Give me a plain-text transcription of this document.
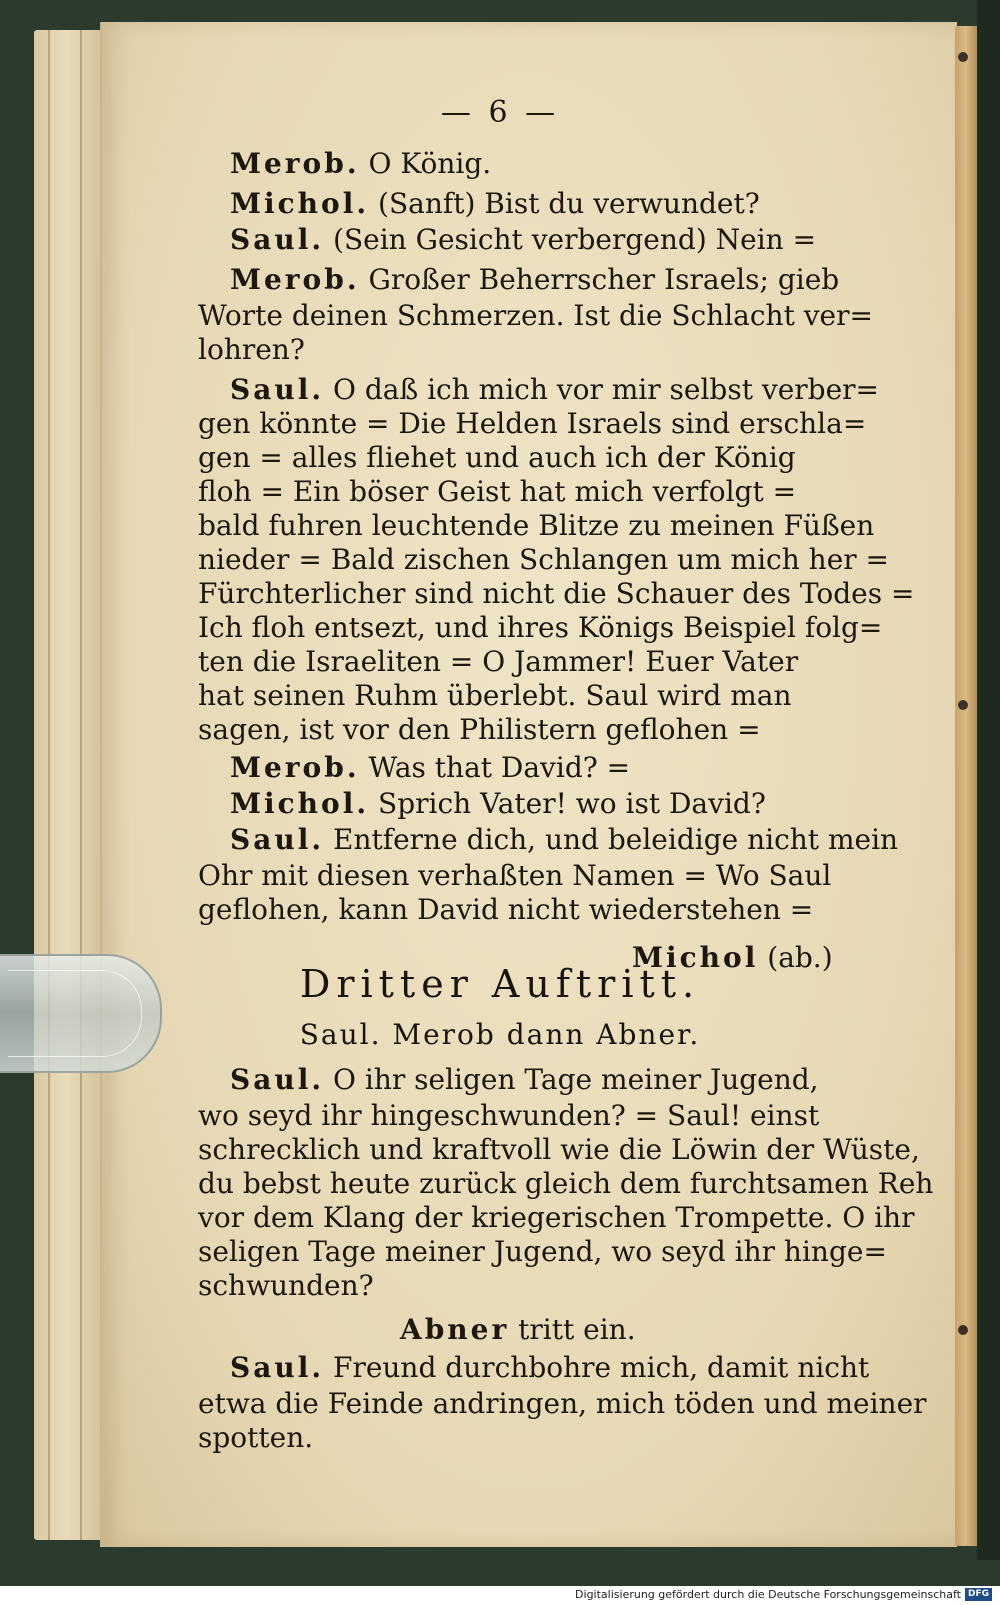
— 6 —
Merob. O König.
Michol. (Sanft) Bist du verwundet?
Saul. (Sein Gesicht verbergend) Nein =
Merob. Großer Beherrscher Israels; gieb
Worte deinen Schmerzen. Ist die Schlacht ver=
lohren?
Saul. O daß ich mich vor mir selbst verber=
gen könnte = Die Helden Israels sind erschla=
gen = alles fliehet und auch ich der König
floh = Ein böser Geist hat mich verfolgt =
bald fuhren leuchtende Blitze zu meinen Füßen
nieder = Bald zischen Schlangen um mich her =
Fürchterlicher sind nicht die Schauer des Todes =
Ich floh entsezt, und ihres Königs Beispiel folg=
ten die Israeliten = O Jammer! Euer Vater
hat seinen Ruhm überlebt. Saul wird man
sagen, ist vor den Philistern geflohen =
Merob. Was that David? =
Michol. Sprich Vater! wo ist David?
Saul. Entferne dich, und beleidige nicht mein
Ohr mit diesen verhaßten Namen = Wo Saul
geflohen, kann David nicht wiederstehen =
Michol (ab.)
Dritter Auftritt.
Saul. Merob dann Abner.
Saul. O ihr seligen Tage meiner Jugend,
wo seyd ihr hingeschwunden? = Saul! einst
schrecklich und kraftvoll wie die Löwin der Wüste,
du bebst heute zurück gleich dem furchtsamen Reh
vor dem Klang der kriegerischen Trompette. O ihr
seligen Tage meiner Jugend, wo seyd ihr hinge=
schwunden?
Abner tritt ein.
Saul. Freund durchbohre mich, damit nicht
etwa die Feinde andringen, mich töden und meiner
spotten.
Digitalisierung gefördert durch die Deutsche Forschungsgemeinschaft DFG
